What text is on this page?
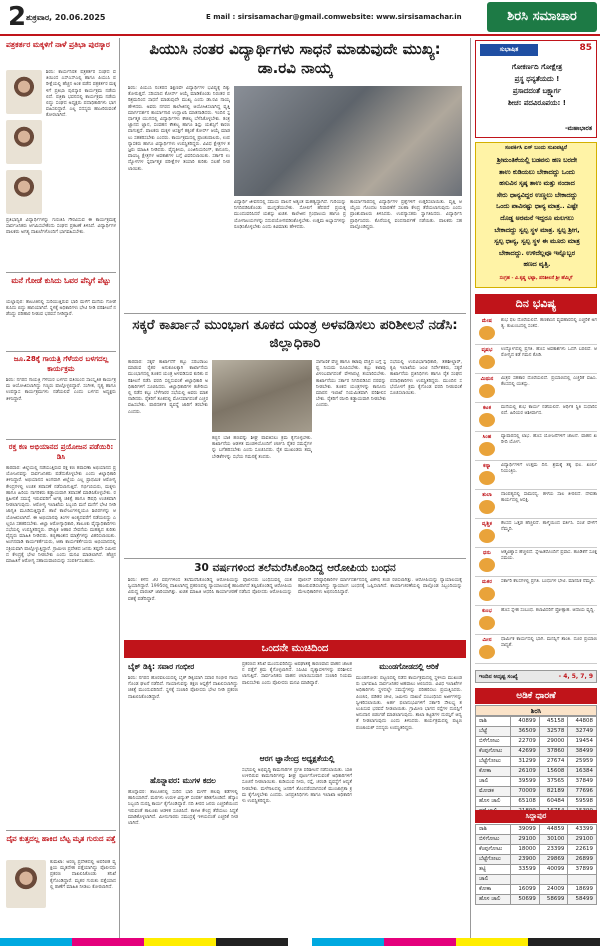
2 ಶುಕ್ರವಾರ, 20.06.2025	E mail : sirsisamachar@gmail.com website: www.sirsisamachar.in	ಶಿರಸಿ ಸಮಾಚಾರ
ಪತ್ರಕರ್ತರ ಮಕ್ಕಳಿಗೆ ನಾಳೆ ಪ್ರತಿಭಾ ಪುರಸ್ಕಾರ
ಶಿರಸಿ: ಕಾರ್ಯನಿರತ ಪತ್ರಕರ್ತರ ಸಂಘದ ವತಿಯಿಂದ ಎಸ್ಎಸ್ಎಲ್ಸಿ ಹಾಗೂ ಪಿಯುಸಿ ಪರೀಕ್ಷೆಯಲ್ಲಿ ಹೆಚ್ಚಿನ ಅಂಕ ಪಡೆದ ಪತ್ರಕರ್ತರ ಮಕ್ಕಳಿಗೆ ಪ್ರತಿಭಾ ಪುರಸ್ಕಾರ ಕಾರ್ಯಕ್ರಮ ನಡೆಯಲಿದೆ. ಪತ್ರಿಕಾ ಭವನದಲ್ಲಿ ಕಾರ್ಯಕ್ರಮ ನಡೆಯಲಿದ್ದು ಸಂಘದ ಅಧ್ಯಕ್ಷರು ಪದಾಧಿಕಾರಿಗಳು ಭಾಗವಹಿಸಲಿದ್ದಾರೆ. ಎಲ್ಲ ಸದಸ್ಯರು ಹಾಜರಿರುವಂತೆ ಕೋರಲಾಗಿದೆ.
ಪ್ರತಿಭಾನ್ವಿತ ವಿದ್ಯಾರ್ಥಿಗಳನ್ನು ಗುರುತಿಸಿ ಗೌರವಿಸುವ ಈ ಕಾರ್ಯಕ್ರಮಕ್ಕೆ ಸಾರ್ವಜನಿಕರು ಆಗಮಿಸಬೇಕೆಂದು ಸಂಘದ ಪ್ರಕಟಣೆ ತಿಳಿಸಿದೆ. ವಿದ್ಯಾರ್ಥಿಗಳ ಪಾಲಕರು ಅಗತ್ಯ ದಾಖಲೆಗಳೊಂದಿಗೆ ಭಾಗವಹಿಸಬೇಕು.
ಮನೆ ಗೋಡೆ ಕುಸಿದು ಓವರ ಪೆನ್ಶಿಗೆ ಪೆಟ್ಟು
ಯಲ್ಲಾಪುರ: ತಾಲೂಕಿನಲ್ಲಿ ಸುರಿಯುತ್ತಿರುವ ಭಾರಿ ಮಳೆಗೆ ಮನೆಯ ಗೋಡೆ ಕುಸಿದು ಬಿದ್ದು ಹಾನಿಯಾಗಿದೆ. ಸ್ಥಳಕ್ಕೆ ಅಧಿಕಾರಿಗಳು ಭೇಟಿ ನೀಡಿ ಪರಿಶೀಲನೆ ನಡೆಸಿದ್ದು ಪರಿಹಾರ ನೀಡುವ ಭರವಸೆ ನೀಡಿದ್ದಾರೆ.
ಜೂ.28ಕ್ಕೆ ಗಾಯತ್ರಿ ಗೆಳೆಯರ ಬಳಗದಲ್ಲ ಕಾರ್ಯಕ್ರಮ
ಶಿರಸಿ: ನಗರದ ಗಾಯತ್ರಿ ಗೆಳೆಯರ ಬಳಗದ ವತಿಯಿಂದ ಸಾಂಸ್ಕೃತಿಕ ಕಾರ್ಯಕ್ರಮ ಆಯೋಜಿಸಲಾಗಿದ್ದು ಗಣ್ಯರು ಪಾಲ್ಗೊಳ್ಳಲಿದ್ದಾರೆ. ಸಂಗೀತ, ನೃತ್ಯ ಹಾಗೂ ಉಪನ್ಯಾಸ ಕಾರ್ಯಕ್ರಮಗಳು ನಡೆಯಲಿವೆ ಎಂದು ಬಳಗದ ಅಧ್ಯಕ್ಷರು ತಿಳಿಸಿದ್ದಾರೆ.
ರಕ್ತ ಕಣ ಅಭಿಯಾನದ ಪ್ರಯೋಜನ ಪಡೆಯಿರಿ: ಡಿಸಿ
ಕಾರವಾರ: ಜಿಲ್ಲೆಯಲ್ಲಿ ನಡೆಯುತ್ತಿರುವ ರಕ್ತ ಕಣ ತಪಾಸಣಾ ಅಭಿಯಾನದ ಪ್ರಯೋಜನವನ್ನು ಸಾರ್ವಜನಿಕರು ಪಡೆದುಕೊಳ್ಳಬೇಕು ಎಂದು ಜಿಲ್ಲಾಧಿಕಾರಿ ತಿಳಿಸಿದ್ದಾರೆ. ಅಭಿಯಾನದ ಅಂಗವಾಗಿ ಜಿಲ್ಲೆಯ ಎಲ್ಲ ಪ್ರಾಥಮಿಕ ಆರೋಗ್ಯ ಕೇಂದ್ರಗಳಲ್ಲಿ ಉಚಿತ ತಪಾಸಣೆ ನಡೆಸಲಾಗುತ್ತಿದೆ. ಗರ್ಭಿಣಿಯರು, ಮಕ್ಕಳು ಹಾಗೂ ಹಿರಿಯ ನಾಗರಿಕರು ಕಡ್ಡಾಯವಾಗಿ ತಪಾಸಣೆ ಮಾಡಿಸಿಕೊಳ್ಳಬೇಕು. ರಕ್ತಹೀನತೆ ಸಮಸ್ಯೆ ಇರುವವರಿಗೆ ಅಗತ್ಯ ಚಿಕಿತ್ಸೆ ಹಾಗೂ ಔಷಧಿ ಉಚಿತವಾಗಿ ನೀಡಲಾಗುವುದು. ಆರೋಗ್ಯ ಇಲಾಖೆಯ ಸಿಬ್ಬಂದಿ ಮನೆ ಮನೆಗೆ ಭೇಟಿ ನೀಡಿ ಜಾಗೃತಿ ಮೂಡಿಸುತ್ತಿದ್ದಾರೆ. ಶಾಲೆ ಕಾಲೇಜುಗಳಲ್ಲಿಯೂ ಶಿಬಿರಗಳನ್ನು ಆಯೋಜಿಸಲಾಗಿದೆ. ಈ ಅಭಿಯಾನವು ತಿಂಗಳ ಅಂತ್ಯದವರೆಗೆ ನಡೆಯಲಿದ್ದು ಎಲ್ಲರೂ ಸಹಕರಿಸಬೇಕು. ಜಿಲ್ಲಾ ಆರೋಗ್ಯಾಧಿಕಾರಿ, ತಾಲೂಕು ವೈದ್ಯಾಧಿಕಾರಿಗಳು ಸಭೆಯಲ್ಲಿ ಉಪಸ್ಥಿತರಿದ್ದರು. ಪೌಷ್ಟಿಕ ಆಹಾರ ಸೇವನೆಯ ಮಹತ್ವದ ಕುರಿತು ವೈದ್ಯರು ಮಾಹಿತಿ ನೀಡಿದರು. ಕಬ್ಬಿಣಾಂಶದ ಮಾತ್ರೆಗಳನ್ನು ವಿತರಿಸಲಾಯಿತು. ಅಂಗನವಾಡಿ ಕಾರ್ಯಕರ್ತೆಯರು, ಆಶಾ ಕಾರ್ಯಕರ್ತೆಯರು ಅಭಿಯಾನದಲ್ಲಿ ಸಕ್ರಿಯವಾಗಿ ಪಾಲ್ಗೊಳ್ಳುತ್ತಿದ್ದಾರೆ. ಗ್ರಾಮೀಣ ಪ್ರದೇಶದ ಜನರು ತಪ್ಪದೇ ಸಮೀಪದ ಕೇಂದ್ರಕ್ಕೆ ಭೇಟಿ ನೀಡಬೇಕು ಎಂದು ಮನವಿ ಮಾಡಲಾಗಿದೆ. ಹೆಚ್ಚಿನ ಮಾಹಿತಿಗೆ ಆರೋಗ್ಯ ಸಹಾಯವಾಣಿಯನ್ನು ಸಂಪರ್ಕಿಸಬಹುದು.
ದೈವ ಕುತ್ತದಲ್ಲ ಹಾಕಿದ ಬೆಟ್ಟ ಮೃತ ಗುರುದ ಪತ್ತೆ
ಕುಮಟಾ: ಅರಣ್ಯ ಪ್ರದೇಶದಲ್ಲಿ ಅಪರಿಚಿತ ವ್ಯಕ್ತಿಯ ಮೃತದೇಹ ಪತ್ತೆಯಾಗಿದ್ದು ಪೊಲೀಸರು ಪ್ರಕರಣ ದಾಖಲಿಸಿಕೊಂಡು ತನಿಖೆ ಕೈಗೊಂಡಿದ್ದಾರೆ. ಮೃತರ ಗುರುತು ಪತ್ತೆಯಾದಲ್ಲಿ ಠಾಣೆಗೆ ಮಾಹಿತಿ ನೀಡಲು ಕೋರಲಾಗಿದೆ.
ಪಿಯುಸಿ ನಂತರ ವಿದ್ಯಾರ್ಥಿಗಳು ಸಾಧನೆ ಮಾಡುವುದೇ ಮುಖ್ಯ: ಡಾ.ರವಿ ನಾಯ್ಕ
ಶಿರಸಿ: ಪಿಯುಸಿ ನಂತರದ ಶಿಕ್ಷಣವೇ ವಿದ್ಯಾರ್ಥಿಗಳ ಭವಿಷ್ಯಕ್ಕೆ ದಿಕ್ಕು ತೋರುತ್ತದೆ. ಸರಿಯಾದ ಕೋರ್ಸ್ ಆಯ್ಕೆ ಮಾಡಿಕೊಂಡು ನಿರಂತರ ಪರಿಶ್ರಮದಿಂದ ಸಾಧನೆ ಮಾಡುವುದೇ ಮುಖ್ಯ ಎಂದು ಡಾ.ರವಿ ನಾಯ್ಕ ಹೇಳಿದರು. ಅವರು ನಗರದ ಕಾಲೇಜಿನಲ್ಲಿ ಆಯೋಜಿಸಲಾಗಿದ್ದ ವೃತ್ತಿ ಮಾರ್ಗದರ್ಶನ ಕಾರ್ಯಾಗಾರ ಉದ್ಘಾಟಿಸಿ ಮಾತನಾಡಿದರು. ಇಂದಿನ ಸ್ಪರ್ಧಾತ್ಮಕ ಯುಗದಲ್ಲಿ ವಿದ್ಯಾರ್ಥಿಗಳು ಕೌಶಲ್ಯ ಬೆಳೆಸಿಕೊಳ್ಳಬೇಕು. ತಂತ್ರಜ್ಞಾನದ ಜ್ಞಾನ, ಸಂವಹನ ಕೌಶಲ್ಯ ಹಾಗೂ ಶಿಸ್ತು ಯಶಸ್ಸಿಗೆ ಕಾರಣವಾಗುತ್ತದೆ. ಪಾಲಕರು ಮಕ್ಕಳ ಆಸಕ್ತಿಗೆ ತಕ್ಕಂತೆ ಕೋರ್ಸ್ ಆಯ್ಕೆ ಮಾಡಲು ಸಹಕರಿಸಬೇಕು ಎಂದರು. ಕಾರ್ಯಕ್ರಮದಲ್ಲಿ ಪ್ರಾಂಶುಪಾಲರು, ಉಪನ್ಯಾಸಕರು ಹಾಗೂ ವಿದ್ಯಾರ್ಥಿಗಳು ಉಪಸ್ಥಿತರಿದ್ದರು. ವಿವಿಧ ಕ್ಷೇತ್ರಗಳ ತಜ್ಞರು ಮಾಹಿತಿ ನೀಡಿದರು. ವೈದ್ಯಕೀಯ, ಎಂಜಿನಿಯರಿಂಗ್, ಕಾನೂನು, ವಾಣಿಜ್ಯ ಕ್ಷೇತ್ರಗಳ ಅವಕಾಶಗಳ ಬಗ್ಗೆ ವಿವರಿಸಲಾಯಿತು. ಸರ್ಕಾರಿ ಉದ್ಯೋಗಗಳ ಸ್ಪರ್ಧಾತ್ಮಕ ಪರೀಕ್ಷೆಗಳ ತಯಾರಿ ಕುರಿತು ಸಲಹೆ ನೀಡಲಾಯಿತು.
ವಿದ್ಯಾರ್ಥಿ ಜೀವನದಲ್ಲಿ ಸಮಯ ಪಾಲನೆ ಅತ್ಯಂತ ಮಹತ್ವದ್ದಾಗಿದೆ. ಗುರಿಯನ್ನು ನಿಗದಿಪಡಿಸಿಕೊಂಡು ಮುನ್ನಡೆಯಬೇಕು. ಸೋಲಿಗೆ ಹೆದರದೆ ಪ್ರಯತ್ನ ಮುಂದುವರಿಸಿದರೆ ಯಶಸ್ಸು ಖಚಿತ. ಕಾಲೇಜಿನ ಗ್ರಂಥಾಲಯ ಹಾಗೂ ಪ್ರಯೋಗಾಲಯಗಳನ್ನು ಸದುಪಯೋಗಪಡಿಸಿಕೊಳ್ಳಬೇಕು. ಉತ್ತಮ ಅಭ್ಯಾಸಗಳನ್ನು ರೂಢಿಸಿಕೊಳ್ಳಬೇಕು ಎಂದು ಕಿವಿಮಾತು ಹೇಳಿದರು.
ಕಾರ್ಯಾಗಾರದಲ್ಲಿ ವಿದ್ಯಾರ್ಥಿಗಳ ಪ್ರಶ್ನೆಗಳಿಗೆ ಉತ್ತರಿಸಲಾಯಿತು. ವೃತ್ತಿ ಆಯ್ಕೆಯ ಗೊಂದಲ ನಿವಾರಣೆಗೆ ಸಲಹಾ ಕೇಂದ್ರ ತೆರೆಯಲಾಗುವುದು ಎಂದು ಪ್ರಾಂಶುಪಾಲರು ತಿಳಿಸಿದರು. ಉಪನ್ಯಾಸಕರು ಸ್ವಾಗತಿಸಿದರು. ವಿದ್ಯಾರ್ಥಿನಿ ಪ್ರಾರ್ಥಿಸಿದರು. ಕೊನೆಯಲ್ಲಿ ವಂದನಾರ್ಪಣೆ ನಡೆಯಿತು. ಪಾಲಕರು ಸಹ ಪಾಲ್ಗೊಂಡಿದ್ದರು.
ಸಕ್ಕರೆ ಕಾರ್ಖಾನೆ ಮುಂಭಾಗ ತೂಕದ ಯಂತ್ರ ಅಳವಡಿಸಲು ಪರಿಶೀಲನೆ ನಡೆಸಿ: ಜಿಲ್ಲಾಧಿಕಾರಿ
ಕಾರವಾರ: ಸಕ್ಕರೆ ಕಾರ್ಖಾನೆಗೆ ಕಬ್ಬು ಸರಬರಾಜು ಮಾಡುವ ರೈತರ ಅನುಕೂಲಕ್ಕಾಗಿ ಕಾರ್ಖಾನೆಯ ಮುಂಭಾಗದಲ್ಲಿ ತೂಕದ ಯಂತ್ರ ಅಳವಡಿಸುವ ಕುರಿತು ಪರಿಶೀಲನೆ ನಡೆಸಿ ವರದಿ ಸಲ್ಲಿಸುವಂತೆ ಜಿಲ್ಲಾಧಿಕಾರಿ ಅಧಿಕಾರಿಗಳಿಗೆ ಸೂಚಿಸಿದರು. ಜಿಲ್ಲಾಧಿಕಾರಿಗಳ ಕಚೇರಿಯಲ್ಲಿ ನಡೆದ ಕಬ್ಬು ಬೆಳೆಗಾರರ ಸಭೆಯಲ್ಲಿ ಅವರು ಮಾತನಾಡಿದರು. ರೈತರಿಗೆ ತೂಕದಲ್ಲಿ ಮೋಸವಾಗದಂತೆ ಎಚ್ಚರ ವಹಿಸಬೇಕು. ಪಾರದರ್ಶಕ ವ್ಯವಸ್ಥೆ ಜಾರಿಗೆ ತರಬೇಕು ಎಂದರು.
ಕಬ್ಬಿನ ಬಾಕಿ ಹಣವನ್ನು ಶೀಘ್ರ ಪಾವತಿಸಲು ಕ್ರಮ ಕೈಗೊಳ್ಳಬೇಕು. ಕಾರ್ಖಾನೆಯ ಆಡಳಿತ ಮಂಡಳಿಯೊಂದಿಗೆ ಚರ್ಚಿಸಿ ರೈತರ ಸಮಸ್ಯೆಗಳನ್ನು ಬಗೆಹರಿಸಬೇಕು ಎಂದು ಸೂಚಿಸಿದರು. ರೈತ ಮುಖಂಡರು ತಮ್ಮ ಬೇಡಿಕೆಗಳನ್ನು ಸಭೆಯ ಗಮನಕ್ಕೆ ತಂದರು.
ಸಾಗಾಣಿಕೆ ವೆಚ್ಚ ಹಾಗೂ ಕಟಾವು ವೆಚ್ಚದ ಬಗ್ಗೆ ಸ್ಪಷ್ಟ ನಿಯಮ ರೂಪಿಸಬೇಕು. ಕಬ್ಬು ಕಟಾವು ವಿಳಂಬವಾಗದಂತೆ ವೇಳಾಪಟ್ಟಿ ತಯಾರಿಸಬೇಕು. ಕಾರ್ಖಾನೆಯು ಸರ್ಕಾರ ನಿಗದಿಪಡಿಸಿದ ದರವನ್ನು ನೀಡಬೇಕು. ತೂಕದ ಯಂತ್ರಗಳನ್ನು ಕಾನೂನು ಮಾಪನ ಇಲಾಖೆ ನಿಯಮಿತವಾಗಿ ಪರಿಶೀಲಿಸಬೇಕು. ರೈತರಿಗೆ ರಸೀದಿ ಕಡ್ಡಾಯವಾಗಿ ನೀಡಬೇಕು ಎಂದರು.
ಸಭೆಯಲ್ಲಿ ಉಪವಿಭಾಗಾಧಿಕಾರಿ, ತಹಶೀಲ್ದಾರ್, ಕೃಷಿ ಇಲಾಖೆಯ ಜಂಟಿ ನಿರ್ದೇಶಕರು, ಸಕ್ಕರೆ ಕಾರ್ಖಾನೆಯ ಪ್ರತಿನಿಧಿಗಳು ಹಾಗೂ ರೈತ ಸಂಘದ ಪದಾಧಿಕಾರಿಗಳು ಉಪಸ್ಥಿತರಿದ್ದರು. ಮುಂದಿನ ಸಭೆಯೊಳಗೆ ಕ್ರಮ ಕೈಗೊಂಡ ವರದಿ ನೀಡುವಂತೆ ಸೂಚಿಸಲಾಯಿತು.
30 ವರ್ಷಗಳಿಂದ ತಲೆಮರೆಸಿಕೊಂಡಿದ್ದ ಆರೋಪಿಯ ಬಂಧನ
ಶಿರಸಿ: ಕಳೆದ 30 ವರ್ಷಗಳಿಂದ ತಲೆಮರೆಸಿಕೊಂಡಿದ್ದ ಆರೋಪಿಯನ್ನು ಪೊಲೀಸರು ಬಂಧಿಸುವಲ್ಲಿ ಯಶಸ್ವಿಯಾಗಿದ್ದಾರೆ. 1995ರಲ್ಲಿ ದಾಖಲಾಗಿದ್ದ ಪ್ರಕರಣದಲ್ಲಿ ನ್ಯಾಯಾಲಯಕ್ಕೆ ಹಾಜರಾಗದೆ ತಪ್ಪಿಸಿಕೊಂಡಿದ್ದ ಆರೋಪಿಯ ವಿರುದ್ಧ ವಾರಂಟ್ ಜಾರಿಯಾಗಿತ್ತು. ಖಚಿತ ಮಾಹಿತಿ ಆಧರಿಸಿ ಕಾರ್ಯಾಚರಣೆ ನಡೆಸಿದ ಪೊಲೀಸರು ಆರೋಪಿಯನ್ನು ವಶಕ್ಕೆ ಪಡೆದಿದ್ದಾರೆ.
ಪೊಲೀಸ್ ವರಿಷ್ಠಾಧಿಕಾರಿಗಳ ಮಾರ್ಗದರ್ಶನದಲ್ಲಿ ವಿಶೇಷ ತಂಡ ರಚಿಸಲಾಗಿತ್ತು. ಆರೋಪಿಯನ್ನು ನ್ಯಾಯಾಲಯಕ್ಕೆ ಹಾಜರುಪಡಿಸಲಾಗಿದ್ದು ನ್ಯಾಯಾಂಗ ಬಂಧನಕ್ಕೆ ಒಪ್ಪಿಸಲಾಗಿದೆ. ಕಾರ್ಯಾಚರಣೆಯಲ್ಲಿ ಪಾಲ್ಗೊಂಡ ಸಿಬ್ಬಂದಿಯನ್ನು ಮೇಲಧಿಕಾರಿಗಳು ಅಭಿನಂದಿಸಿದ್ದಾರೆ.
ಒಂದನೇ ಮುಚಿದಿಂದ
ಬೈಕ್ ಡಿಕ್ಕಿ: ಸವಾರ ಗಂಭೀರ
ಶಿರಸಿ: ನಗರದ ಹೊರವಲಯದಲ್ಲಿ ಬೈಕ್ ಡಿಕ್ಕಿಯಾಗಿ ಸವಾರ ಗಂಭೀರ ಗಾಯಗೊಂಡ ಘಟನೆ ನಡೆದಿದೆ. ಗಾಯಾಳುವನ್ನು ತಕ್ಷಣ ಆಸ್ಪತ್ರೆಗೆ ದಾಖಲಿಸಲಾಗಿದ್ದು ಚಿಕಿತ್ಸೆ ಮುಂದುವರಿದಿದೆ. ಸ್ಥಳಕ್ಕೆ ಸಂಚಾರಿ ಪೊಲೀಸರು ಭೇಟಿ ನೀಡಿ ಪ್ರಕರಣ ದಾಖಲಿಸಿಕೊಂಡಿದ್ದಾರೆ.
ಹೊನ್ನಾವರ: ಮುಗಳ ಕದಲ
ಹೊನ್ನಾವರ: ತಾಲೂಕಿನಲ್ಲಿ ಸುರಿದ ಭಾರಿ ಮಳೆಗೆ ಹಲವು ಕಡೆಗಳಲ್ಲಿ ಹಾನಿಯಾಗಿದೆ. ಮರಗಳು ಉರುಳಿ ವಿದ್ಯುತ್ ಸಂಪರ್ಕ ಕಡಿತಗೊಂಡಿದೆ. ಹೆಸ್ಕಾಂ ಸಿಬ್ಬಂದಿ ದುರಸ್ತಿ ಕಾರ್ಯ ಕೈಗೊಂಡಿದ್ದಾರೆ. ನದಿ ತೀರದ ಜನರು ಎಚ್ಚರಿಕೆಯಿಂದ ಇರುವಂತೆ ತಾಲೂಕು ಆಡಳಿತ ಸೂಚಿಸಿದೆ. ಕಾಳಜಿ ಕೇಂದ್ರ ತೆರೆಯಲು ಸಿದ್ಧತೆ ಮಾಡಿಕೊಳ್ಳಲಾಗಿದೆ. ಮೀನುಗಾರರು ಸಮುದ್ರಕ್ಕೆ ಇಳಿಯದಂತೆ ಎಚ್ಚರಿಕೆ ನೀಡಲಾಗಿದೆ.
ಆರಗ ಜ್ಞಾನೇಂದ್ರ ಅಧ್ಯಕ್ಷತೆಯಲ್ಲಿ
ಪ್ರಕರಣದ ತನಿಖೆ ಮುಂದುವರಿದಿದ್ದು ಅಪಘಾತಕ್ಕೆ ಕಾರಣವಾದ ವಾಹನ ಚಾಲಕನ ಪತ್ತೆಗೆ ಕ್ರಮ ಕೈಗೊಳ್ಳಲಾಗಿದೆ. ಸಿಸಿಟಿವಿ ದೃಶ್ಯಾವಳಿಗಳನ್ನು ಪರಿಶೀಲಿಸಲಾಗುತ್ತಿದೆ. ಸಾರ್ವಜನಿಕರು ವಾಹನ ಚಲಾಯಿಸುವಾಗ ಸಂಚಾರಿ ನಿಯಮ ಪಾಲಿಸಬೇಕು ಎಂದು ಪೊಲೀಸರು ಮನವಿ ಮಾಡಿದ್ದಾರೆ.
ಸಭೆಯಲ್ಲಿ ಅಭಿವೃದ್ಧಿ ಕಾಮಗಾರಿಗಳ ಪ್ರಗತಿ ಪರಿಶೀಲನೆ ನಡೆಸಲಾಯಿತು. ಬಾಕಿ ಉಳಿದಿರುವ ಕಾಮಗಾರಿಗಳನ್ನು ಶೀಘ್ರ ಪೂರ್ಣಗೊಳಿಸುವಂತೆ ಅಧಿಕಾರಿಗಳಿಗೆ ಸೂಚನೆ ನೀಡಲಾಯಿತು. ಕುಡಿಯುವ ನೀರು, ರಸ್ತೆ, ಚರಂಡಿ ವ್ಯವಸ್ಥೆಗೆ ಆದ್ಯತೆ ನೀಡಬೇಕು. ಮಳೆಗಾಲದಲ್ಲಿ ಜನರಿಗೆ ತೊಂದರೆಯಾಗದಂತೆ ಮುಂಜಾಗ್ರತಾ ಕ್ರಮ ಕೈಗೊಳ್ಳಬೇಕು ಎಂದರು. ಜನಪ್ರತಿನಿಧಿಗಳು ಹಾಗೂ ಇಲಾಖಾ ಅಧಿಕಾರಿಗಳು ಉಪಸ್ಥಿತರಿದ್ದರು.
ಮುಂಡಗೋಡದಲ್ಲಿ ಆರಿಕೆ
ಮುಂಡಗೋಡ: ಪಟ್ಟಣದಲ್ಲಿ ನಡೆದ ಕಾರ್ಯಕ್ರಮದಲ್ಲಿ ಸ್ಥಳೀಯ ಮುಖಂಡರು ಭಾಗವಹಿಸಿ ಸಾರ್ವಜನಿಕರ ಅಹವಾಲು ಆಲಿಸಿದರು. ವಿವಿಧ ಇಲಾಖೆಗಳ ಅಧಿಕಾರಿಗಳು ಸ್ಥಳದಲ್ಲೇ ಸಮಸ್ಯೆಗಳನ್ನು ಪರಿಹರಿಸಲು ಪ್ರಯತ್ನಿಸಿದರು. ಪಿಂಚಣಿ, ಪಡಿತರ ಚೀಟಿ, ಜಮೀನು ದಾಖಲೆ ಸಂಬಂಧಿಸಿದ ಅರ್ಜಿಗಳನ್ನು ಸ್ವೀಕರಿಸಲಾಯಿತು. ಅರ್ಹ ಫಲಾನುಭವಿಗಳಿಗೆ ಸರ್ಕಾರಿ ಸೌಲಭ್ಯ ತಲುಪಿಸುವ ಭರವಸೆ ನೀಡಲಾಯಿತು. ಗ್ರಾಮೀಣ ಭಾಗದ ರಸ್ತೆಗಳ ದುರಸ್ತಿಗೆ ಅನುದಾನ ಬಿಡುಗಡೆ ಮಾಡಲಾಗುವುದು. ಶಾಲಾ ಕಟ್ಟಡಗಳ ದುರಸ್ತಿಗೆ ಆದ್ಯತೆ ನೀಡಲಾಗುವುದು ಎಂದು ತಿಳಿಸಿದರು. ಕಾರ್ಯಕ್ರಮದಲ್ಲಿ ಪಟ್ಟಣ ಪಂಚಾಯತ್ ಸದಸ್ಯರು ಉಪಸ್ಥಿತರಿದ್ದರು.
ಸುಭಾಷಿತ	85
ಗೋಕರ್ಣದಿ ಗೋಕ್ಷೇತ್ರ
ಪ್ರಸ್ಥ ಧನ್ಯತೆಯದು !
ಪ್ರಸಾದದಂತೆ ಬಕ್ಷ್ಮಾರ್ಗ
ಶೀಚ: ಪದವಿರೂಪಯ: !
-ಮಹಾಭಾರತ
ಸಂಪರ್ಕಿಸಿ ಏಸ್ ಬಂದು ಸುಖಪಟ್ಟರೆ
ಶ್ರೀಮಂತಿಕೆಯಲ್ಲಿ ಬಡವನು ಹಣ ಬರದೇ
ತಾಉ ಕುಡಿಯಲು ಬೇಕಾದದ್ದು ಒಂದು
ಹಸುವಿನ ಸೃಷ್ಠ ತಾಉ ಮತ್ತು ನಂದಾದ
ಸೇರು ಧಾನ್ಯವಿದ್ದರ ಉಣ್ಣಲು ಬೇಕಾದದ್ದು
ಒಂದು ಪಾವಿನಷ್ಟು ಧಾನ್ಯ ಮಾತ್ರ.. ಎಷ್ಟೇ
ದೊಡ್ಡ ಅರಮನೆ ಇದ್ದರೂ ಮಲಗಲು
ಬೇಕಾದದ್ದು ಸ್ವಲ್ಪ ಸ್ಥಳ ಮಾತ್ರ. ಸ್ವಲ್ಪ ಶ್ರೀಗ,
ಸ್ವಲ್ಪ ಧಾನ್ಯ, ಸ್ವಲ್ಪ ಸ್ಥಳ ಈ ಮೂರು ಮಾತ್ರ
ಬೇಕಾದದ್ದು. ಉಳಿದೆಲ್ಲವೂ ಇನ್ನೊಬ್ಬರ
ಹಣದ ವೃತ್ತಿ.
ಸಂಗ್ರಹ - ವಿ.ಕೃಷ್ಣ ಭಟ್ಟಾ, ಪರಿಶೀಲನೆ ಶ್ರೀ ಹೆಮ್ಮಿಗೆ
ದಿನ ಭವಿಷ್ಯ
ಮೇಷ	ಶುಭ ಫಲ ದೊರೆಯಲಿದೆ. ಹಣಕಾಸಿನ ವ್ಯವಹಾರದಲ್ಲಿ ಎಚ್ಚರಿಕೆ ಅಗತ್ಯ. ಕುಟುಂಬದಲ್ಲಿ ಸಂತಸ.
ವೃಷಭ	ಉದ್ಯೋಗದಲ್ಲಿ ಪ್ರಗತಿ. ಹೊಸ ಅವಕಾಶಗಳು ಒದಗಿ ಬರಲಿವೆ. ಆರೋಗ್ಯದ ಕಡೆ ಗಮನ ಕೊಡಿ.
ಮಿಥುನ	ಮಿತ್ರರ ಸಹಕಾರ ದೊರೆಯಲಿದೆ. ಪ್ರಯಾಣದಲ್ಲಿ ಎಚ್ಚರಿಕೆ ವಹಿಸಿ. ಕೆಲಸದಲ್ಲಿ ಯಶಸ್ಸು.
ಕಟಕ	ಮನೆಯಲ್ಲಿ ಶುಭ ಕಾರ್ಯ ನಡೆಯಲಿದೆ. ಆರ್ಥಿಕ ಸ್ಥಿತಿ ಸುಧಾರಿಸಲಿದೆ. ಹಿರಿಯರ ಆಶೀರ್ವಾದ.
ಸಿಂಹ	ವ್ಯಾಪಾರದಲ್ಲಿ ಲಾಭ. ಹೊಸ ಯೋಜನೆಗಳಿಗೆ ಚಾಲನೆ. ವಾಹನ ಖರೀದಿ ಯೋಗ.
ಕನ್ಯಾ	ವಿದ್ಯಾರ್ಥಿಗಳಿಗೆ ಉತ್ತಮ ದಿನ. ಶ್ರಮಕ್ಕೆ ತಕ್ಕ ಫಲ. ಖರ್ಚು ನಿಯಂತ್ರಿಸಿ.
ತುಲಾ	ದಾಂಪತ್ಯದಲ್ಲಿ ಸಾಮರಸ್ಯ. ಹಳೆಯ ಸಾಲ ತೀರಲಿದೆ. ದೇವತಾ ಕಾರ್ಯದಲ್ಲಿ ಆಸಕ್ತಿ.
ವೃಶ್ಚಿಕ	ಕೆಲಸದ ಒತ್ತಡ ಹೆಚ್ಚಲಿದೆ. ತಾಳ್ಮೆಯಿಂದ ವರ್ತಿಸಿ. ಸಂಜೆ ವೇಳೆಗೆ ನೆಮ್ಮದಿ.
ಧನು	ಆತ್ಮವಿಶ್ವಾಸ ಹೆಚ್ಚಲಿದೆ. ಸ್ನೇಹಿತರೊಂದಿಗೆ ಪ್ರವಾಸ. ಹೂಡಿಕೆಗೆ ಸೂಕ್ತ ಸಮಯ.
ಮಕರ	ಸರ್ಕಾರಿ ಕೆಲಸಗಳಲ್ಲಿ ಪ್ರಗತಿ. ಬಂಧುಗಳ ಭೇಟಿ. ಮಾನಸಿಕ ನೆಮ್ಮದಿ.
ಕುಂಭ	ಹೊಸ ಸ್ನೇಹ ಸಂಬಂಧ. ಕಲಾವಿದರಿಗೆ ಪ್ರೋತ್ಸಾಹ. ಆದಾಯ ವೃದ್ಧಿ.
ಮೀನ	ಧಾರ್ಮಿಕ ಕಾರ್ಯದಲ್ಲಿ ಭಾಗಿ. ಮನಸ್ಸಿಗೆ ಶಾಂತಿ. ದೂರ ಪ್ರಯಾಣ ಸಾಧ್ಯತೆ.
ಇಂದಿನ ಅದೃಷ್ಟ ಸಂಖ್ಯೆ	- 4, 5, 7, 9
ಅಡಿಕೆ ಧಾರಣೆ
ಶಿರಸಿ
ರಾಶಿ	40899	45158	44808
ಬೆಟ್ಟೆ	36509	32578	32749
ಬಿಳೆಗೋಟು	22709	29000	19454
ಕೆಂಪುಗೋಟು	42699	37860	38499
ಬೆಟ್ಟೆಗೋಟು	31299	27674	25959
ಕೋಕಾ	26109	15608	16384
ಚಾಲಿ	39599	37565	37849
ಮೋಡಕ	70009	82189	77696
ಹೊಸ ಚಾಲಿ	65108	60484	59598

ಸಿದ್ದಾಪುರ
ರಾಶಿ	39099	44859	43399
ಬಿಳಿಗೋಟು	29100	30100	29100
ಕೆಂಪುಗೋಟು	18000	23399	22619
ಬೆಟ್ಟೆಗೋಟು	23900	29869	26899
ತಟ್ಟಿ	33599	40099	37899
ಚಾಲಿ			
ಕೋಕಾ	16099	24009	18699
ಹೊಸ ಚಾಲಿ	50699	58699	58499
